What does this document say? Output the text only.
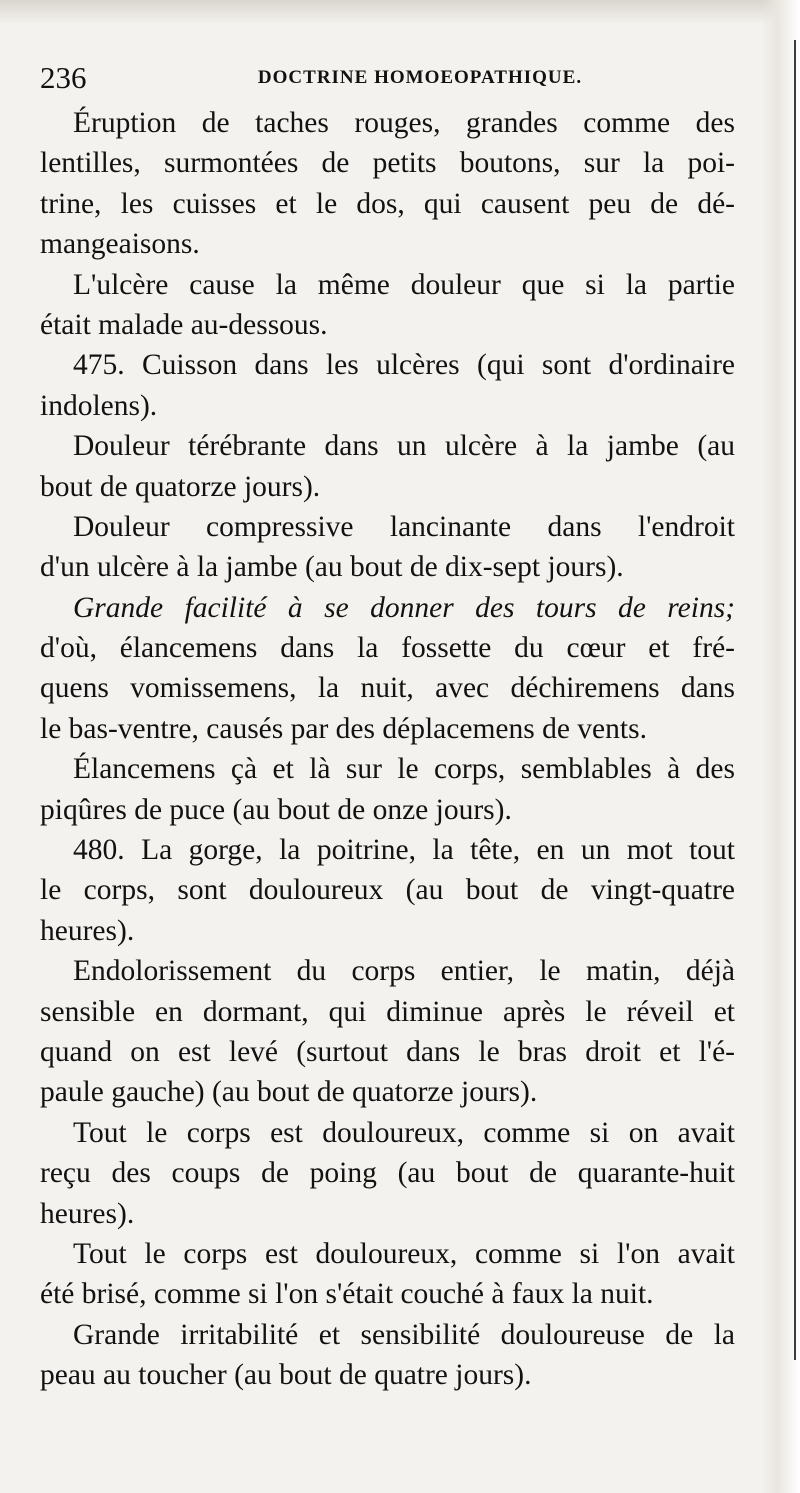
236	DOCTRINE HOMOEOPATHIQUE.
Éruption de taches rouges, grandes comme des
lentilles, surmontées de petits boutons, sur la poi-
trine, les cuisses et le dos, qui causent peu de dé-
mangeaisons.
L'ulcère cause la même douleur que si la partie
était malade au-dessous.
475. Cuisson dans les ulcères (qui sont d'ordinaire
indolens).
Douleur térébrante dans un ulcère à la jambe (au
bout de quatorze jours).
Douleur compressive lancinante dans l'endroit
d'un ulcère à la jambe (au bout de dix-sept jours).
Grande facilité à se donner des tours de reins;
d'où, élancemens dans la fossette du cœur et fré-
quens vomissemens, la nuit, avec déchiremens dans
le bas-ventre, causés par des déplacemens de vents.
Élancemens çà et là sur le corps, semblables à des
piqûres de puce (au bout de onze jours).
480. La gorge, la poitrine, la tête, en un mot tout
le corps, sont douloureux (au bout de vingt-quatre
heures).
Endolorissement du corps entier, le matin, déjà
sensible en dormant, qui diminue après le réveil et
quand on est levé (surtout dans le bras droit et l'é-
paule gauche) (au bout de quatorze jours).
Tout le corps est douloureux, comme si on avait
reçu des coups de poing (au bout de quarante-huit
heures).
Tout le corps est douloureux, comme si l'on avait
été brisé, comme si l'on s'était couché à faux la nuit.
Grande irritabilité et sensibilité douloureuse de la
peau au toucher (au bout de quatre jours).
